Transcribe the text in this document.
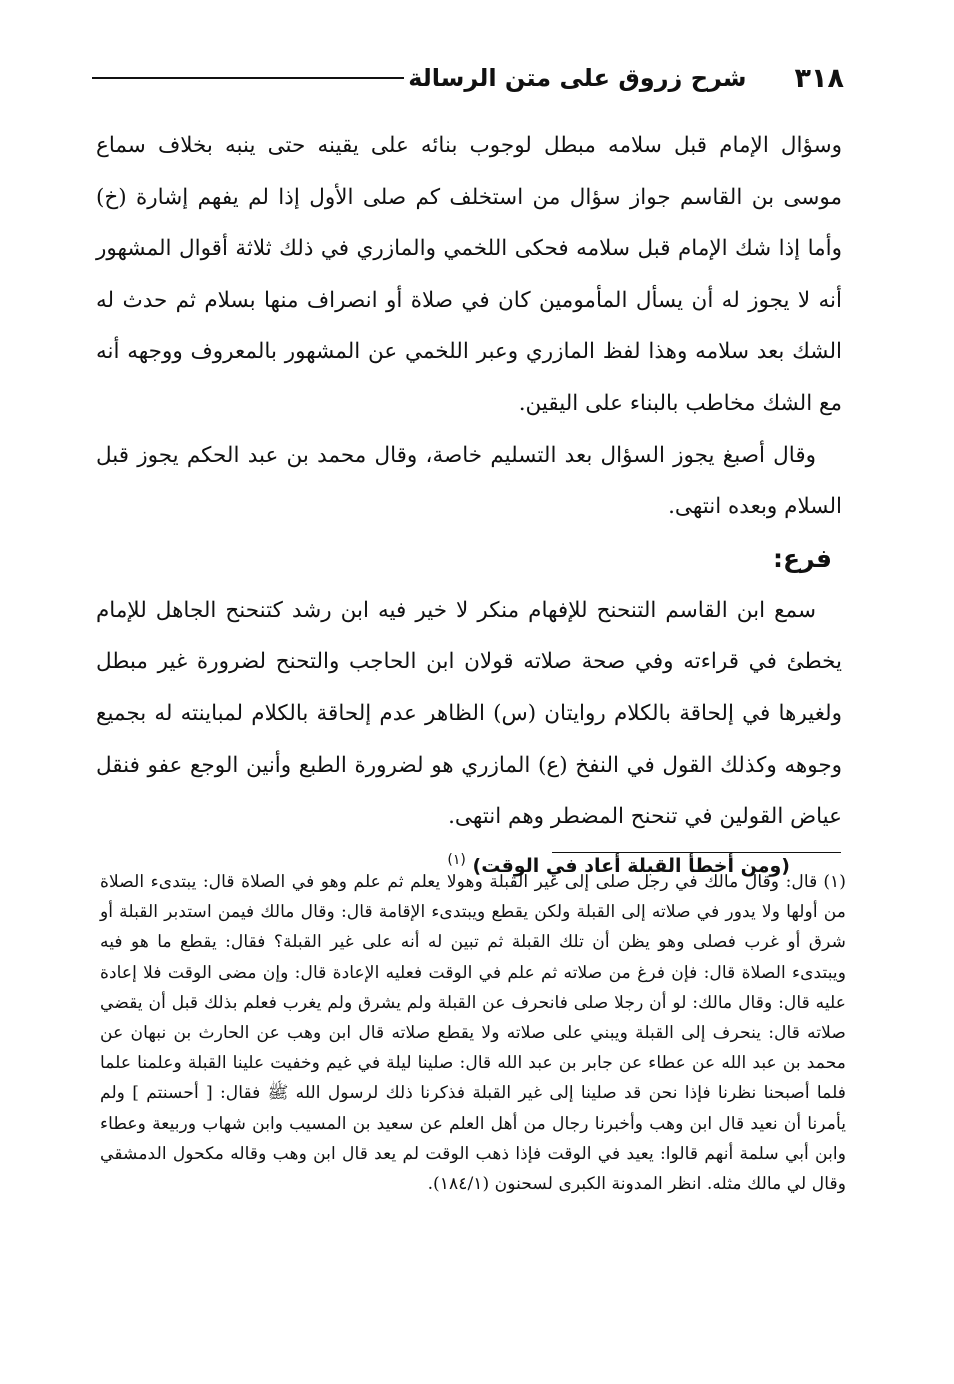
٣١٨
شرح زروق على متن الرسالة

وسؤال الإمام قبل سلامه مبطل لوجوب بنائه على يقينه حتى ينبه بخلاف سماع موسى بن القاسم جواز سؤال من استخلف كم صلى الأول إذا لم يفهم إشارة (خ) وأما إذا شك الإمام قبل سلامه فحكى اللخمي والمازري في ذلك ثلاثة أقوال المشهور أنه لا يجوز له أن يسأل المأمومين كان في صلاة أو انصراف منها بسلام ثم حدث له الشك بعد سلامه وهذا لفظ المازري وعبر اللخمي عن المشهور بالمعروف ووجهه أنه مع الشك مخاطب بالبناء على اليقين.

وقال أصبغ يجوز السؤال بعد التسليم خاصة، وقال محمد بن عبد الحكم يجوز قبل السلام وبعده انتهى.

فرع:

سمع ابن القاسم التنحنح للإفهام منكر لا خير فيه ابن رشد كتنحنح الجاهل للإمام يخطئ في قراءته وفي صحة صلاته قولان ابن الحاجب والتحنح لضرورة غير مبطل ولغيرها في إلحاقة بالكلام روايتان (س) الظاهر عدم إلحاقة بالكلام لمباينته له بجميع وجوهه وكذلك القول في النفخ (ع) المازري هو لضرورة الطبع وأنين الوجع عفو فنقل عياض القولين في تنحنح المضطر وهم انتهى.

(ومن أخطأ القبلة أعاد في الوقت) $^{(١)}$

(١)قال: وقال مالك في رجل صلى إلى غير القبلة وهولا يعلم ثم علم وهو في الصلاة قال: يبتدىء الصلاة من أولها ولا يدور في صلاته إلى القبلة ولكن يقطع ويبتدىء الإقامة قال: وقال مالك فيمن استدبر القبلة أو شرق أو غرب فصلى وهو يظن أن تلك القبلة ثم تبين له أنه على غير القبلة؟ فقال: يقطع ما هو فيه ويبتدىء الصلاة قال: فإن فرغ من صلاته ثم علم في الوقت فعليه الإعادة قال: وإن مضى الوقت فلا إعادة عليه قال: وقال مالك: لو أن رجلا صلى فانحرف عن القبلة ولم يشرق ولم يغرب فعلم بذلك قبل أن يقضي صلاته قال: ينحرف إلى القبلة ويبني على صلاته ولا يقطع صلاته قال ابن وهب عن الحارث بن نبهان عن محمد بن عبد الله عن عطاء عن جابر بن عبد الله قال: صلينا ليلة في غيم وخفيت علينا القبلة وعلمنا علما فلما أصبحنا نظرنا فإذا نحن قد صلينا إلى غير القبلة فذكرنا ذلك لرسول الله ﷺ فقال: [ أحسنتم ] ولم يأمرنا أن نعيد قال ابن وهب وأخبرنا رجال من أهل العلم عن سعيد بن المسيب وابن شهاب وربيعة وعطاء وابن أبي سلمة أنهم قالوا: يعيد في الوقت فإذا ذهب الوقت لم يعد قال ابن وهب وقاله مكحول الدمشقي وقال لي مالك مثله. انظر المدونة الكبرى لسحنون (١٨٤/١).
